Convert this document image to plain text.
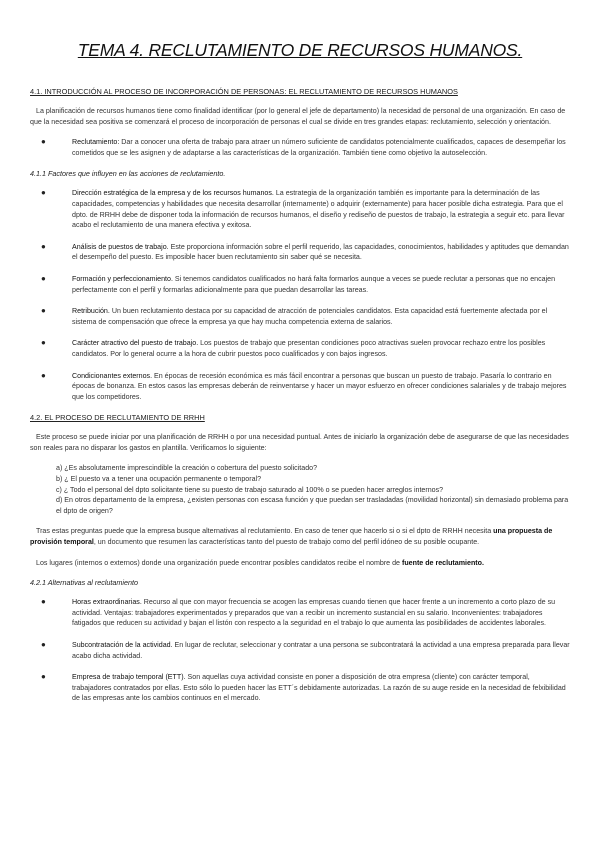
TEMA 4. RECLUTAMIENTO DE RECURSOS HUMANOS.
4.1. INTRODUCCIÓN AL PROCESO DE INCORPORACIÓN DE PERSONAS: EL RECLUTAMIENTO DE RECURSOS HUMANOS

La planificación de recursos humanos tiene como finalidad identificar (por lo general el jefe de departamento) la necesidad de personal de una organización. En caso de que la necesidad sea positiva se comenzará el proceso de incorporación de personas el cual se divide en tres grandes etapas: reclutamiento, selección y orientación.

●	Reclutamiento: Dar a conocer una oferta de trabajo para atraer un número suficiente de candidatos potencialmente cualificados, capaces de desempeñar los cometidos que se les asignen y de adaptarse a las características de la organización. También tiene como objetivo la autoselección.
4.1.1 Factores que influyen en las acciones de reclutamiento.
●	Dirección estratégica de la empresa y de los recursos humanos. La estrategia de la organización también es importante para la determinación de las capacidades, competencias y habilidades que necesita desarrollar (internamente) o adquirir (externamente) para hacer posible dicha estrategia. Para que el dpto. de RRHH debe de disponer toda la información de recursos humanos, el diseño y rediseño de puestos de trabajo, la estrategia a seguir etc. para llevar acabo el reclutamiento de una manera efectiva y exitosa.
●	Análisis de puestos de trabajo. Este proporciona información sobre el perfil requerido, las capacidades, conocimientos, habilidades y aptitudes que demandan el desempeño del puesto. Es imposible hacer buen reclutamiento sin saber qué se necesita.
●	Formación y perfeccionamiento. Si tenemos candidatos cualificados no hará falta formarlos aunque a veces se puede reclutar a personas que no encajen perfectamente con el perfil y formarlas adicionalmente para que puedan desarrollar las tareas.
●	Retribución. Un buen reclutamiento destaca por su capacidad de atracción de potenciales candidatos. Esta capacidad está fuertemente afectada por el sistema de compensación que ofrece la empresa ya que hay mucha competencia externa de salarios.
●	Carácter atractivo del puesto de trabajo. Los puestos de trabajo que presentan condiciones poco atractivas suelen provocar rechazo entre los posibles candidatos. Por lo general ocurre a la hora de cubrir puestos poco cualificados y con bajos ingresos.
●	Condicionantes externos. En épocas de recesión económica es más fácil encontrar a personas que buscan un puesto de trabajo. Pasaría lo contrario en épocas de bonanza. En estos casos las empresas deberán de reinventarse y hacer un mayor esfuerzo en ofrecer condiciones salariales y de trabajo mejores que los competidores.
4.2. EL PROCESO DE RECLUTAMIENTO DE RRHH

Este proceso se puede iniciar por una planificación de RRHH o por una necesidad puntual. Antes de iniciarlo la organización debe de asegurarse de que las necesidades son reales para no disparar los gastos en plantilla. Verificamos lo siguiente:

a) ¿Es absolutamente imprescindible la creación o cobertura del puesto solicitado?
b) ¿ El puesto va a tener una ocupación permanente o temporal?
c) ¿ Todo el personal del dpto solicitante tiene su puesto de trabajo saturado al 100% o se pueden hacer arreglos internos?
d) En otros departamento de la empresa, ¿existen personas con escasa función y que puedan ser trasladadas (movilidad horizontal) sin demasiado problema para el dpto de origen?

Tras estas preguntas puede que la empresa busque alternativas al reclutamiento. En caso de tener que hacerlo si o si el dpto de RRHH necesita una propuesta de provisión temporal, un documento que resumen las características tanto del puesto de trabajo como del perfil idóneo de su posible ocupante.

Los lugares (internos o externos) donde una organización puede encontrar posibles candidatos recibe el nombre de fuente de reclutamiento.

4.2.1 Alternativas al reclutamiento
●	Horas extraordinarias. Recurso al que con mayor frecuencia se acogen las empresas cuando tienen que hacer frente a un incremento a corto plazo de su actividad. Ventajas: trabajadores experimentados y preparados que van a recibir un incremento sustancial en su salario. Inconvenientes: trabajadores fatigados que reducen su actividad y bajan el listón con respecto a la seguridad en el trabajo lo que aumenta las posibilidades de accidentes laborales.
●	Subcontratación de la actividad. En lugar de reclutar, seleccionar y contratar a una persona se subcontratará la actividad a una empresa preparada para llevar acabo dicha actividad.
●	Empresa de trabajo temporal (ETT). Son aquellas cuya actividad consiste en poner a disposición de otra empresa (cliente) con carácter temporal, trabajadores contratados por ellas. Esto sólo lo pueden hacer las ETT´s debidamente autorizadas. La razón de su auge reside en la necesidad de felxibilidad de las empresas ante los cambios continuos en el mercado.
